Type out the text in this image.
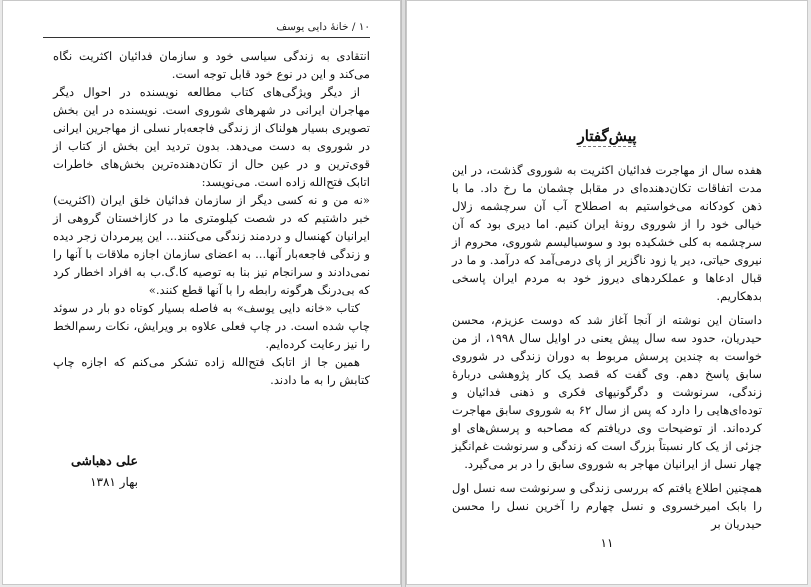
۱۰ / خانهٔ دایی یوسف

انتقادی به زندگی سیاسی خود و سازمان فدائیان اکثریت نگاه می‌کند و این در نوع خود قابل توجه است.

از دیگر ویژگی‌های کتاب مطالعه نویسنده در احوال دیگر مهاجران ایرانی در شهرهای شوروی است. نویسنده در این بخش تصویری بسیار هولناک از زندگی فاجعه‌بار نسلی از مهاجرین ایرانی در شوروی به دست می‌دهد. بدون تردید این بخش از کتاب از قوی‌ترین و در عین حال از تکان‌دهنده‌ترین بخش‌های خاطرات اتابک فتح‌الله زاده است. می‌نویسد:

«نه من و نه کسی دیگر از سازمان فدائیان خلق ایران (اکثریت) خبر داشتیم که در شصت کیلومتری ما در کازاخستان گروهی از ایرانیان کهنسال و دردمند زندگی می‌کنند... این پیرمردان زجر دیده و زندگی فاجعه‌بار آنها... به اعضای سازمان اجازه ملاقات با آنها را نمی‌دادند و سرانجام نیز بنا به توصیه کا.گ.ب به افراد اخطار کرد که بی‌درنگ هرگونه رابطه را با آنها قطع کنند.»

کتاب «خانه دایی یوسف» به فاصله بسیار کوتاه دو بار در سوئد چاپ شده است. در چاپ فعلی علاوه بر ویرایش، نکات رسم‌الخط را نیز رعایت کرده‌ایم.

همین جا از اتابک فتح‌الله زاده تشکر می‌کنم که اجازه چاپ کتابش را به ما دادند.

علی دهباشی
بهار ۱۳۸۱
پیش‌گفتار

هفده سال از مهاجرت فدائیان اکثریت به شوروی گذشت، در این مدت اتفاقات تکان‌دهنده‌ای در مقابل چشمان ما رخ داد. ما با ذهن کودکانه می‌خواستیم به اصطلاح آب آن سرچشمه زلال خیالی خود را از شوروی رونهٔ ایران کنیم. اما دیری بود که آن سرچشمه به کلی خشکیده بود و سوسیالیسم شوروی، محروم از نیروی حیاتی، دیر یا زود ناگزیر از پای درمی‌آمد که درآمد. و ما در قبال ادعاها و عملکردهای دیروز خود به مردم ایران پاسخی بدهکاریم.

داستان این نوشته از آنجا آغاز شد که دوست عزیزم، محسن حیدریان، حدود سه سال پیش یعنی در اوایل سال ۱۹۹۸، از من خواست به چندین پرسش مربوط به دوران زندگی در شوروی سابق پاسخ دهم. وی گفت که قصد یک کار پژوهشی دربارهٔ زندگی، سرنوشت و دگرگونیهای فکری و ذهنی فدائیان و توده‌ای‌هایی را دارد که پس از سال ۶۲ به شوروی سابق مهاجرت کرده‌اند. از توضیحات وی دریافتم که مصاحبه و پرسش‌های او جزئی از یک کار نسبتاً بزرگ است که زندگی و سرنوشت غم‌انگیز چهار نسل از ایرانیان مهاجر به شوروی سابق را در بر می‌گیرد.

همچنین اطلاع یافتم که بررسی زندگی و سرنوشت سه نسل اول را بابک امیرخسروی و نسل چهارم را آخرین نسل را محسن حیدریان بر

۱۱
